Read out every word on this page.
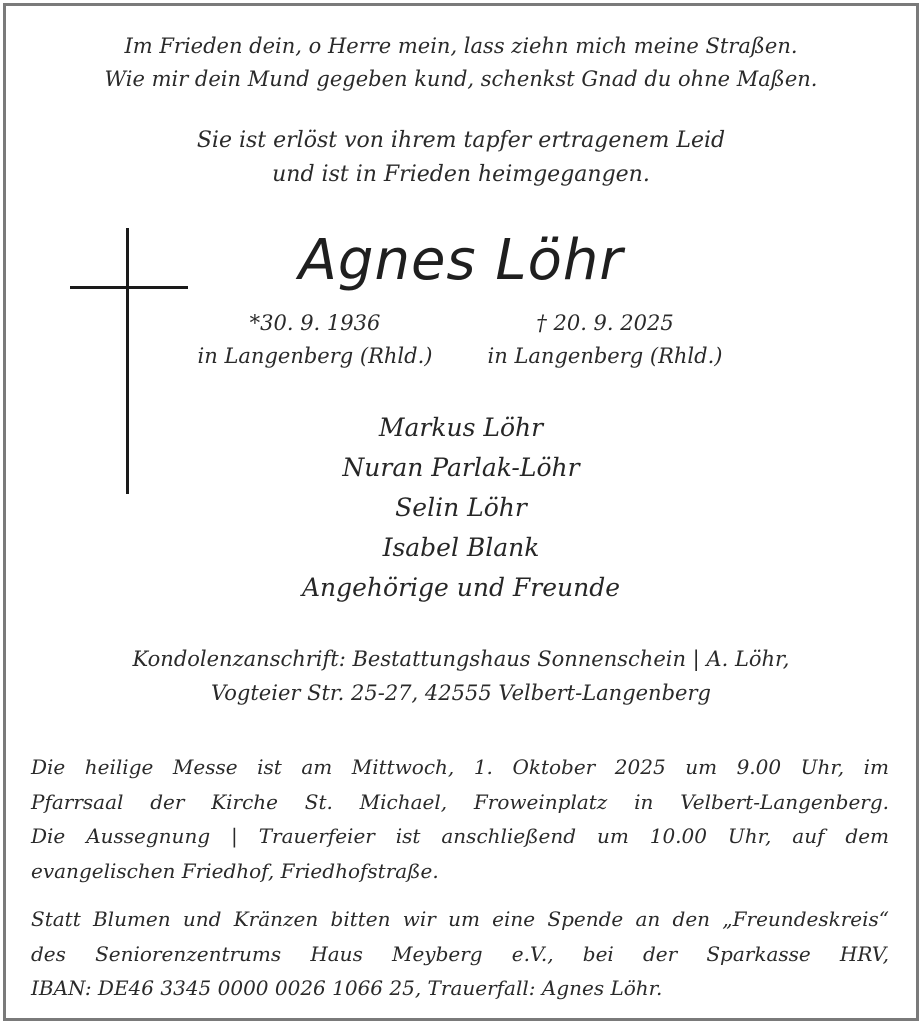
Im Frieden dein, o Herre mein, lass ziehn mich meine Straßen.
Wie mir dein Mund gegeben kund, schenkst Gnad du ohne Maßen.
Sie ist erlöst von ihrem tapfer ertragenem Leid
und ist in Frieden heimgegangen.
Agnes Löhr
*30. 9. 1936
in Langenberg (Rhld.)
† 20. 9. 2025
in Langenberg (Rhld.)
Markus Löhr
Nuran Parlak-Löhr
Selin Löhr
Isabel Blank
Angehörige und Freunde
Kondolenzanschrift: Bestattungshaus Sonnenschein | A. Löhr,
Vogteier Str. 25-27, 42555 Velbert-Langenberg
Die heilige Messe ist am Mittwoch, 1. Oktober 2025 um 9.00 Uhr, im
Pfarrsaal der Kirche St. Michael, Froweinplatz in Velbert-Langenberg.
Die Aussegnung | Trauerfeier ist anschließend um 10.00 Uhr, auf dem
evangelischen Friedhof, Friedhofstraße.
Statt Blumen und Kränzen bitten wir um eine Spende an den „Freundeskreis“
des Seniorenzentrums Haus Meyberg e.V., bei der Sparkasse HRV,
IBAN: DE46 3345 0000 0026 1066 25, Trauerfall: Agnes Löhr.
